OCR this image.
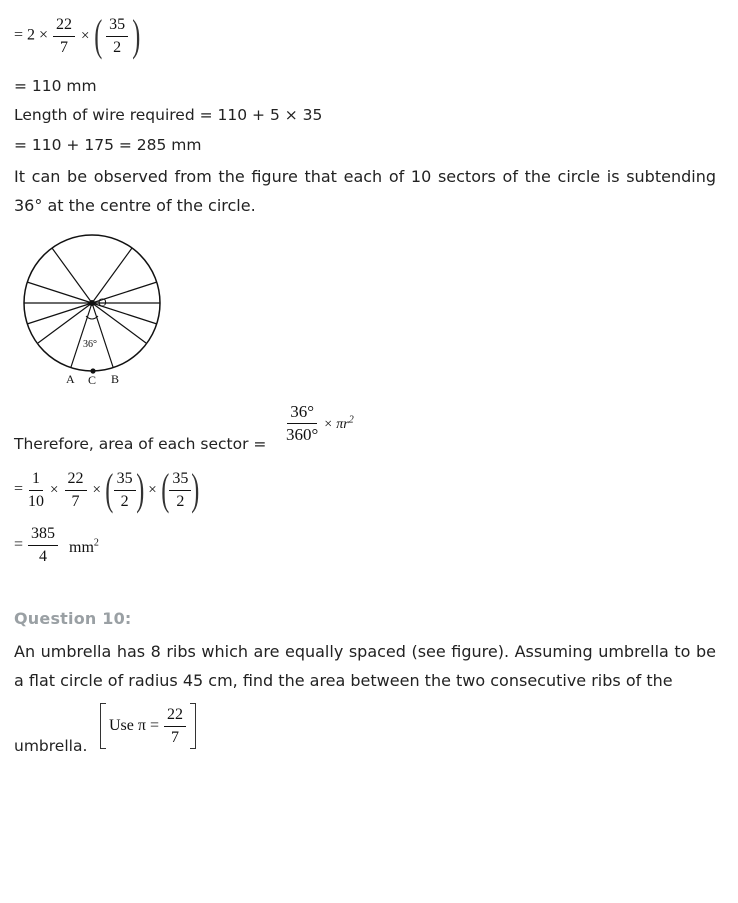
= $2 \times \frac{22}{7}$ × ( $\frac{35}{2}$ )
= 110 mm
Length of wire required = 110 + 5 × 35
= 110 + 175 = 285 mm
It can be observed from the figure that each of 10 sectors of the circle is subtending 36° at the centre of the circle.
O
36°
A C B
$\frac{36^\circ}{360^\circ} \times \pi r^2$
Therefore, area of each sector =
= $\frac{1}{10} \times \frac{22}{7}$ × ( $\frac{35}{2}$ ) × ( $\frac{35}{2}$ )
= $\frac{385}{4} mm^2$
Question 10:
An umbrella has 8 ribs which are equally spaced (see figure). Assuming umbrella to be a flat circle of radius 45 cm, find the area between the two consecutive ribs of the
umbrella.
Use $\pi = \frac{22}{7}$
